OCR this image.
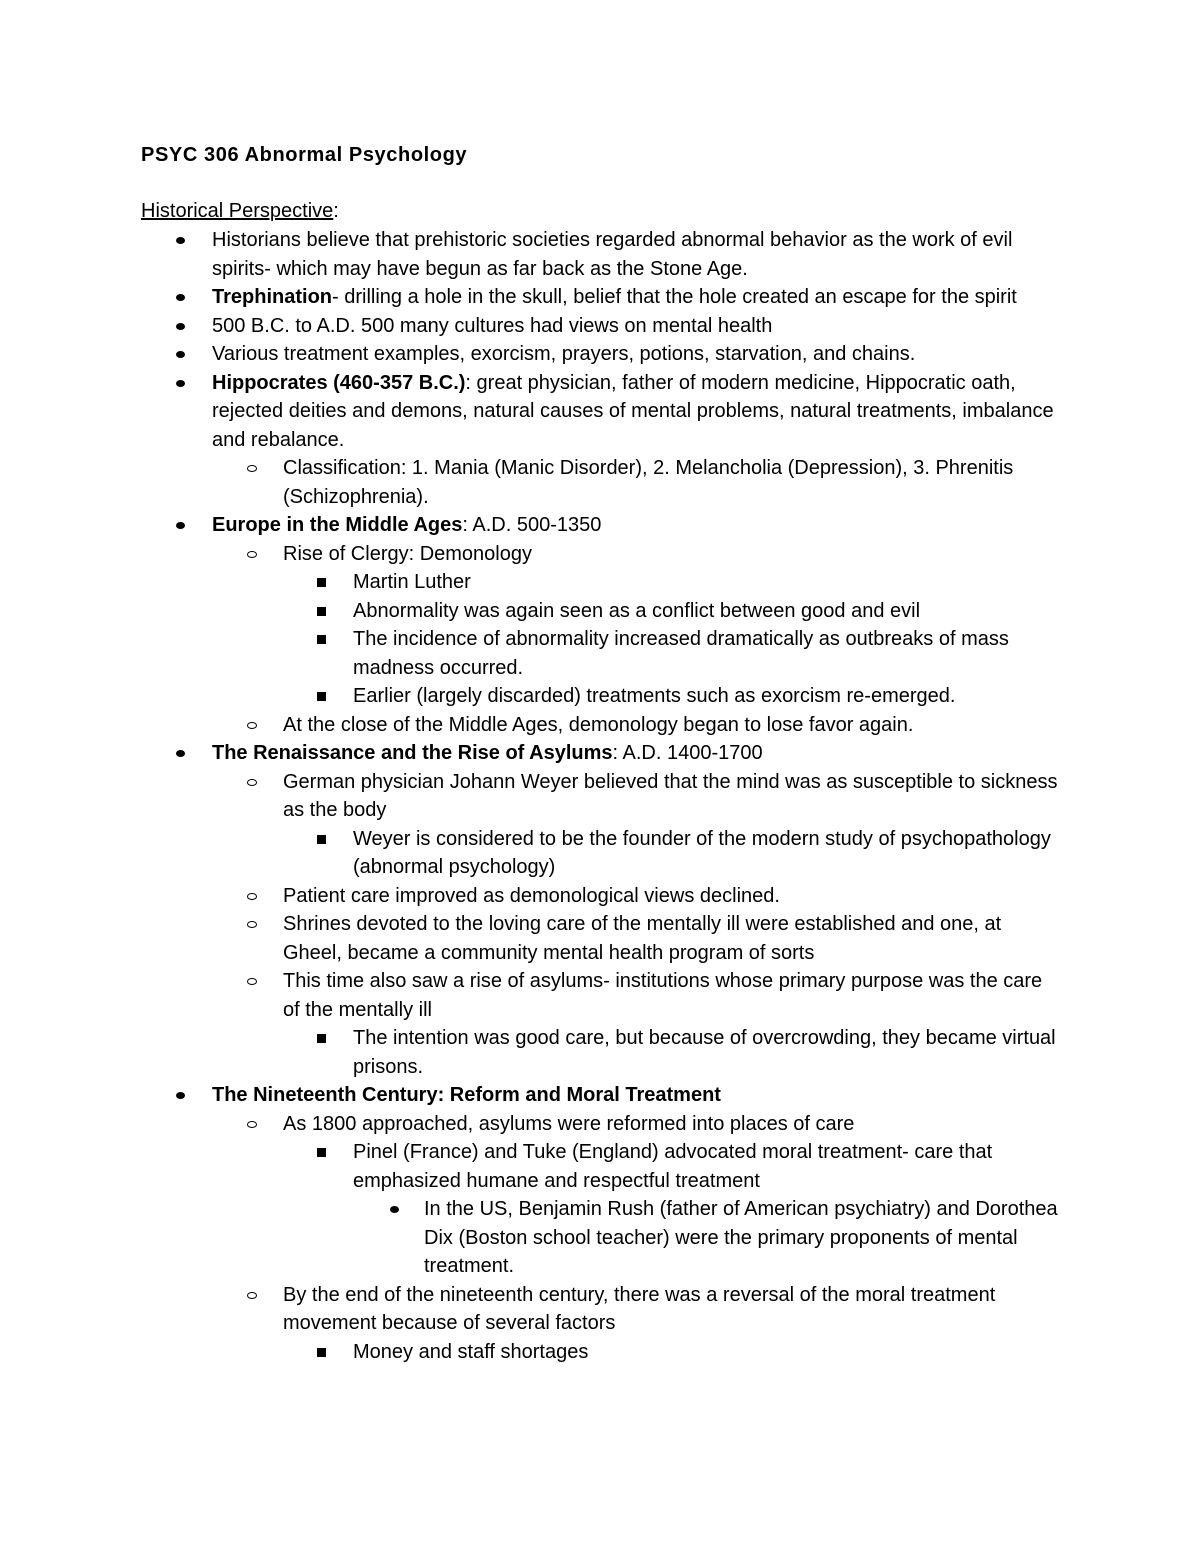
PSYC 306 Abnormal Psychology

Historical Perspective:

Historians believe that prehistoric societies regarded abnormal behavior as the work of evil spirits- which may have begun as far back as the Stone Age.
Trephination- drilling a hole in the skull, belief that the hole created an escape for the spirit
500 B.C. to A.D. 500 many cultures had views on mental health
Various treatment examples, exorcism, prayers, potions, starvation, and chains.
Hippocrates (460-357 B.C.): great physician, father of modern medicine, Hippocratic oath, rejected deities and demons, natural causes of mental problems, natural treatments, imbalance and rebalance.
Classification: 1. Mania (Manic Disorder), 2. Melancholia (Depression), 3. Phrenitis (Schizophrenia).
Europe in the Middle Ages: A.D. 500-1350
Rise of Clergy: Demonology
Martin Luther
Abnormality was again seen as a conflict between good and evil
The incidence of abnormality increased dramatically as outbreaks of mass madness occurred.
Earlier (largely discarded) treatments such as exorcism re-emerged.
At the close of the Middle Ages, demonology began to lose favor again.
The Renaissance and the Rise of Asylums: A.D. 1400-1700
German physician Johann Weyer believed that the mind was as susceptible to sickness as the body
Weyer is considered to be the founder of the modern study of psychopathology (abnormal psychology)
Patient care improved as demonological views declined.
Shrines devoted to the loving care of the mentally ill were established and one, at Gheel, became a community mental health program of sorts
This time also saw a rise of asylums- institutions whose primary purpose was the care of the mentally ill
The intention was good care, but because of overcrowding, they became virtual prisons.
The Nineteenth Century: Reform and Moral Treatment
As 1800 approached, asylums were reformed into places of care
Pinel (France) and Tuke (England) advocated moral treatment- care that emphasized humane and respectful treatment
In the US, Benjamin Rush (father of American psychiatry) and Dorothea Dix (Boston school teacher) were the primary proponents of mental treatment.
By the end of the nineteenth century, there was a reversal of the moral treatment movement because of several factors
Money and staff shortages
